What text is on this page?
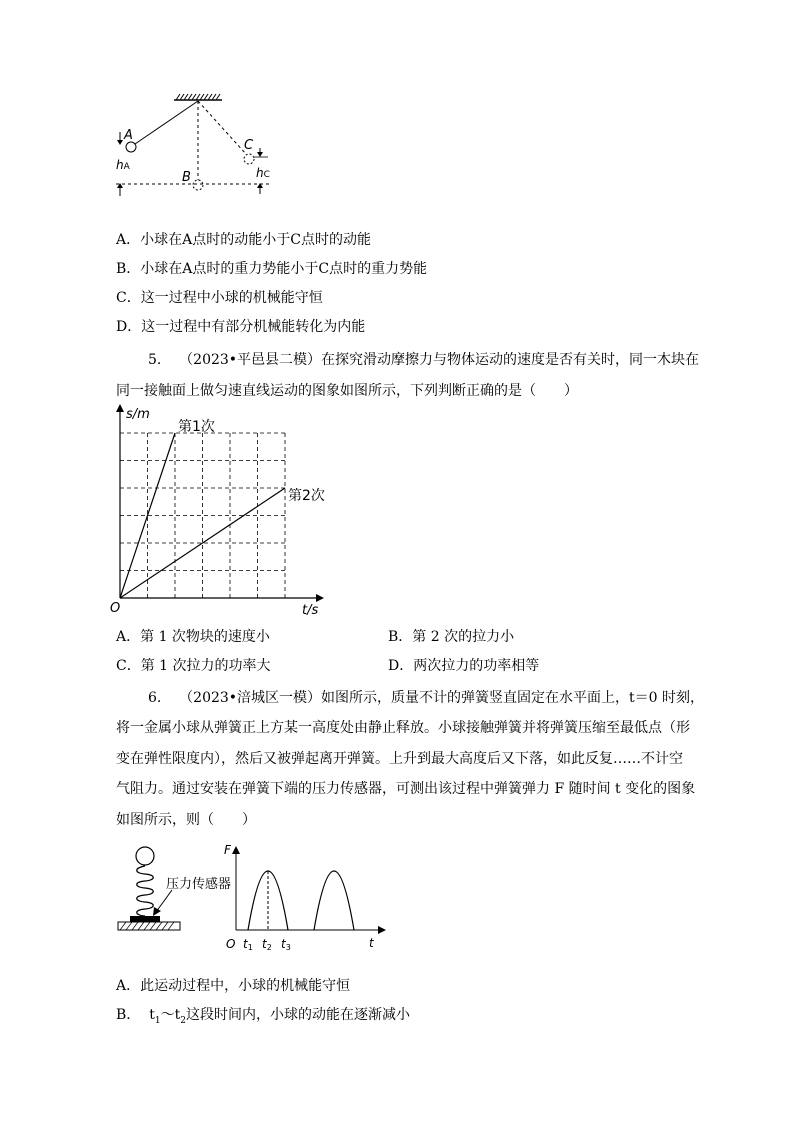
A
B
C
hA	hC
A．小球在A点时的动能小于C点时的动能
B．小球在A点时的重力势能小于C点时的重力势能
C．这一过程中小球的机械能守恒
D．这一过程中有部分机械能转化为内能
5. （2023•平邑县二模）在探究滑动摩擦力与物体运动的速度是否有关时，同一木块在
同一接触面上做匀速直线运动的图象如图所示，下列判断正确的是（　　）
第1次
第2次
s/m
t/s
O
A．第 1 次物块的速度小	B．第 2 次的拉力小
C．第 1 次拉力的功率大	D．两次拉力的功率相等
6. （2023•涪城区一模）如图所示，质量不计的弹簧竖直固定在水平面上，t＝0 时刻，
将一金属小球从弹簧正上方某一高度处由静止释放。小球接触弹簧并将弹簧压缩至最低点（形
变在弹性限度内），然后又被弹起离开弹簧。上升到最大高度后又下落，如此反复……不计空
气阻力。通过安装在弹簧下端的压力传感器，可测出该过程中弹簧弹力 F 随时间 t 变化的图象
如图所示，则（　　）
压力传感器
F
t
O t1 t2 t3
A．此运动过程中，小球的机械能守恒
B． $t_1\sim t_2$这段时间内，小球的动能在逐渐减小
